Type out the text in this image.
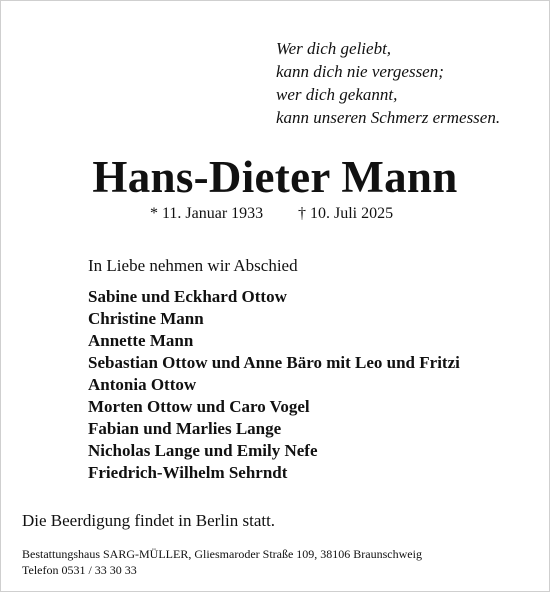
Wer dich geliebt,
kann dich nie vergessen;
wer dich gekannt,
kann unseren Schmerz ermessen.
Hans-Dieter Mann
* 11. Januar 1933 † 10. Juli 2025
In Liebe nehmen wir Abschied
Sabine und Eckhard Ottow
Christine Mann
Annette Mann
Sebastian Ottow und Anne Bäro mit Leo und Fritzi
Antonia Ottow
Morten Ottow und Caro Vogel
Fabian und Marlies Lange
Nicholas Lange und Emily Nefe
Friedrich-Wilhelm Sehrndt
Die Beerdigung findet in Berlin statt.
Bestattungshaus SARG-MÜLLER, Gliesmaroder Straße 109, 38106 Braunschweig
Telefon 0531 / 33 30 33
